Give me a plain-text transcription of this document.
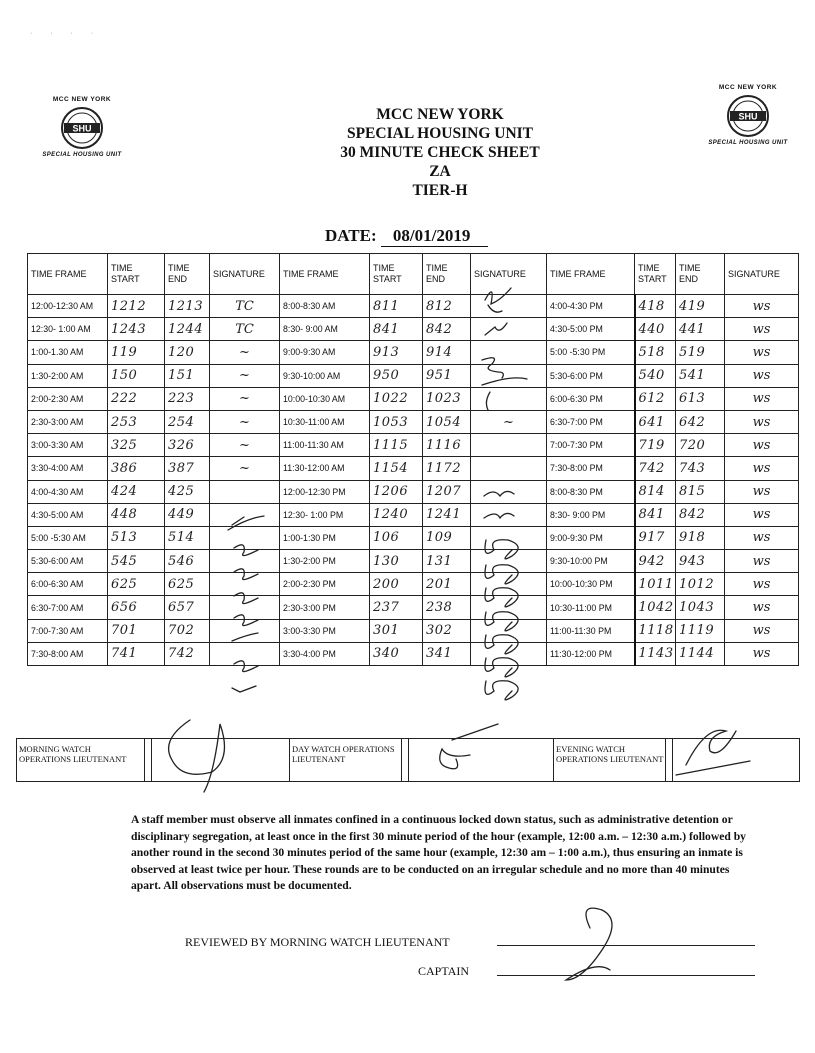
· · · ·
MCC NEW YORK
SHU
SPECIAL HOUSING UNIT
MCC NEW YORK
SHU
SPECIAL HOUSING UNIT
MCC NEW YORK
SPECIAL HOUSING UNIT
30 MINUTE CHECK SHEET
ZA
TIER-H
DATE: 08/01/2019
TIME FRAME	TIME START	TIME END	SIGNATURE	TIME FRAME	TIME START	TIME END	SIGNATURE	TIME FRAME	TIME START	TIME END	SIGNATURE
12:00-12:30 AM	1212	1213	TC	8:00-8:30 AM	811	812		4:00-4:30 PM	418	419	ws
12:30- 1:00 AM	1243	1244	TC	8:30- 9:00 AM	841	842		4:30-5:00 PM	440	441	ws
1:00-1.30 AM	119	120	~	9:00-9:30 AM	913	914		5:00 -5:30 PM	518	519	ws
1:30-2:00 AM	150	151	~	9:30-10:00 AM	950	951		5:30-6:00 PM	540	541	ws
2:00-2:30 AM	222	223	~	10:00-10:30 AM	1022	1023		6:00-6:30 PM	612	613	ws
2:30-3:00 AM	253	254	~	10:30-11:00 AM	1053	1054	~	6:30-7:00 PM	641	642	ws
3:00-3:30 AM	325	326	~	11:00-11:30 AM	1115	1116		7:00-7:30 PM	719	720	ws
3:30-4:00 AM	386	387	~	11:30-12:00 AM	1154	1172		7:30-8:00 PM	742	743	ws
4:00-4:30 AM	424	425		12:00-12:30 PM	1206	1207		8:00-8:30 PM	814	815	ws
4:30-5:00 AM	448	449		12:30- 1:00 PM	1240	1241		8:30- 9:00 PM	841	842	ws
5:00 -5:30 AM	513	514		1:00-1:30 PM	106	109		9:00-9:30 PM	917	918	ws
5:30-6:00 AM	545	546		1:30-2:00 PM	130	131		9:30-10:00 PM	942	943	ws
6:00-6:30 AM	625	625		2:00-2:30 PM	200	201		10:00-10:30 PM	1011	1012	ws
6:30-7:00 AM	656	657		2:30-3:00 PM	237	238		10:30-11:00 PM	1042	1043	ws
7:00-7:30 AM	701	702		3:00-3:30 PM	301	302		11:00-11:30 PM	1118	1119	ws
7:30-8:00 AM	741	742		3:30-4:00 PM	340	341		11:30-12:00 PM	1143	1144	ws
MORNING WATCH OPERATIONS LIEUTENANT
DAY WATCH OPERATIONS LIEUTENANT
EVENING WATCH OPERATIONS LIEUTENANT
A staff member must observe all inmates confined in a continuous locked down status, such as administrative detention or disciplinary segregation, at least once in the first 30 minute period of the hour (example, 12:00 a.m. – 12:30 a.m.) followed by another round in the second 30 minutes period of the same hour (example, 12:30 am – 1:00 a.m.), thus ensuring an inmate is observed at least twice per hour. These rounds are to be conducted on an irregular schedule and no more than 40 minutes apart. All observations must be documented.
REVIEWED BY MORNING WATCH LIEUTENANT
CAPTAIN
